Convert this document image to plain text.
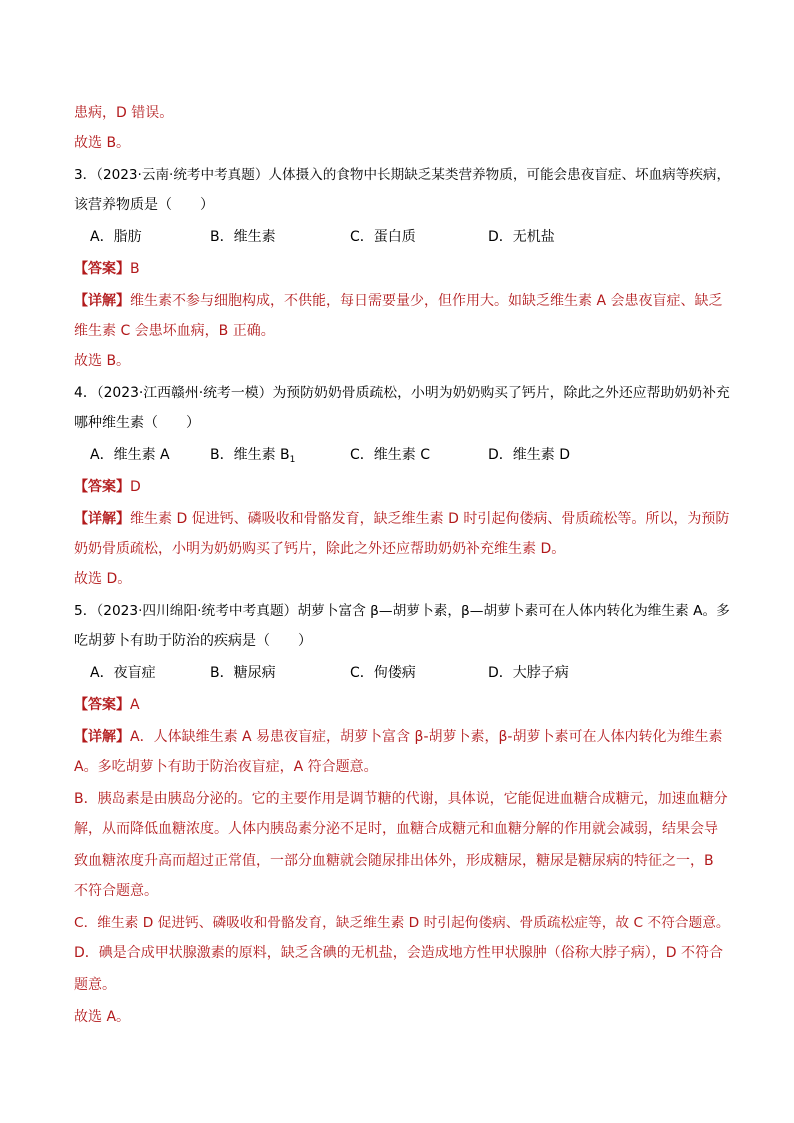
患病，D 错误。
故选 B。
3．（2023·云南·统考中考真题）人体摄入的食物中长期缺乏某类营养物质，可能会患夜盲症、坏血病等疾病，
该营养物质是（　　）
A．脂肪	B．维生素	C．蛋白质	D．无机盐
【答案】B
【详解】维生素不参与细胞构成，不供能，每日需要量少，但作用大。如缺乏维生素 A 会患夜盲症、缺乏
维生素 C 会患坏血病，B 正确。
故选 B。
4．（2023·江西赣州·统考一模）为预防奶奶骨质疏松，小明为奶奶购买了钙片，除此之外还应帮助奶奶补充
哪种维生素（　　）
A．维生素 A	B．维生素 $B_1$	C．维生素 C	D．维生素 D
【答案】D
【详解】维生素 D 促进钙、磷吸收和骨骼发育，缺乏维生素 D 时引起佝偻病、骨质疏松等。所以，为预防
奶奶骨质疏松，小明为奶奶购买了钙片，除此之外还应帮助奶奶补充维生素 D。
故选 D。
5．（2023·四川绵阳·统考中考真题）胡萝卜富含 β—胡萝卜素，β—胡萝卜素可在人体内转化为维生素 A。多
吃胡萝卜有助于防治的疾病是（　　）
A．夜盲症	B．糖尿病	C．佝偻病	D．大脖子病
【答案】A
【详解】A．人体缺维生素 A 易患夜盲症，胡萝卜富含 β-胡萝卜素，β-胡萝卜素可在人体内转化为维生素
A。多吃胡萝卜有助于防治夜盲症，A 符合题意。
B．胰岛素是由胰岛分泌的。它的主要作用是调节糖的代谢，具体说，它能促进血糖合成糖元，加速血糖分
解，从而降低血糖浓度。人体内胰岛素分泌不足时，血糖合成糖元和血糖分解的作用就会减弱，结果会导
致血糖浓度升高而超过正常值，一部分血糖就会随尿排出体外，形成糖尿，糖尿是糖尿病的特征之一，B
不符合题意。
C．维生素 D 促进钙、磷吸收和骨骼发育，缺乏维生素 D 时引起佝偻病、骨质疏松症等，故 C 不符合题意。
D．碘是合成甲状腺激素的原料，缺乏含碘的无机盐，会造成地方性甲状腺肿（俗称大脖子病），D 不符合
题意。
故选 A。
